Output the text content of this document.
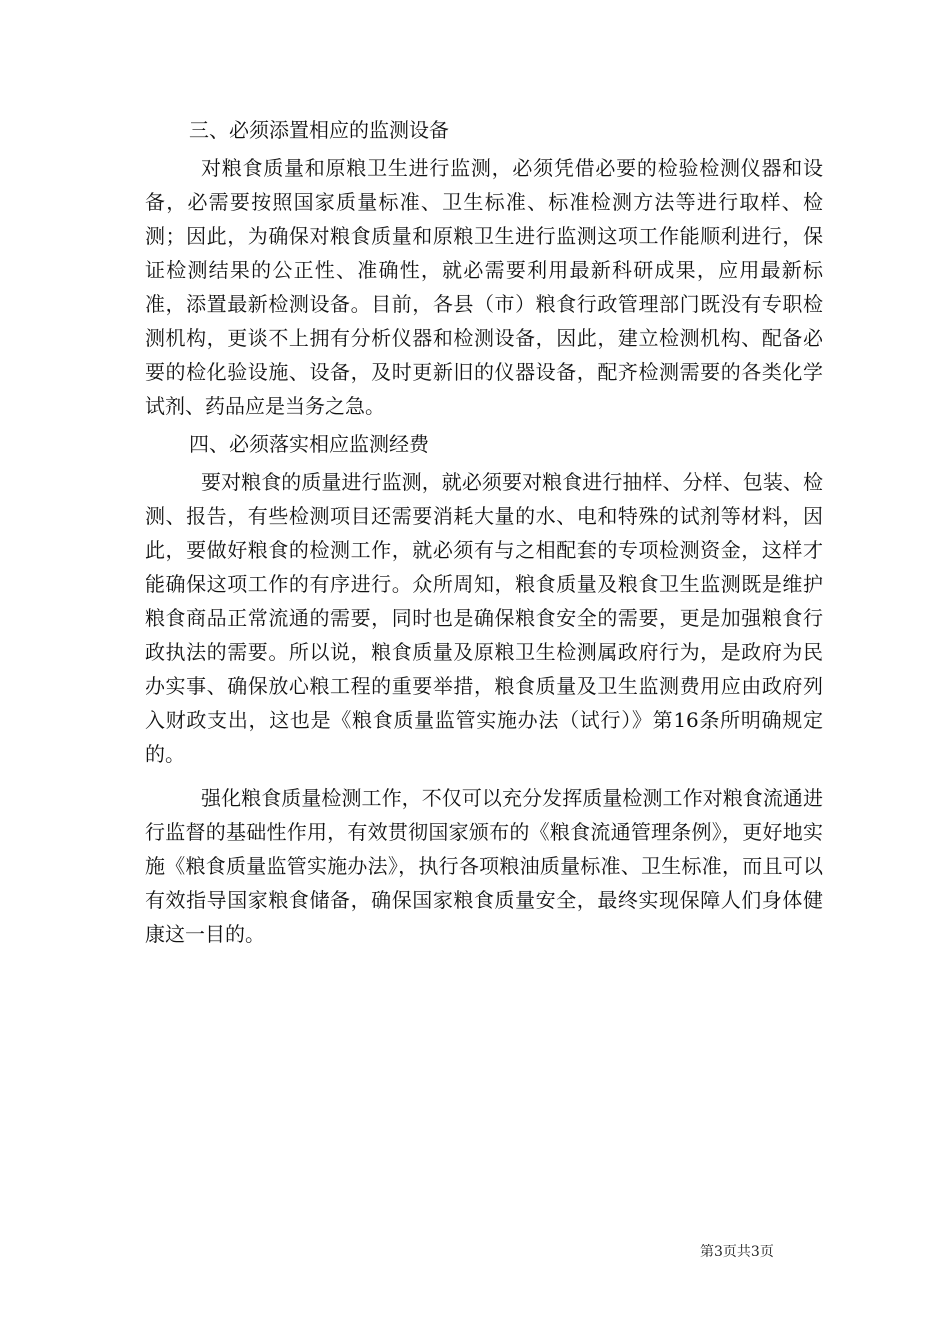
三、必须添置相应的监测设备

对粮食质量和原粮卫生进行监测，必须凭借必要的检验检测仪器和设备，必需要按照国家质量标准、卫生标准、标准检测方法等进行取样、检测；因此，为确保对粮食质量和原粮卫生进行监测这项工作能顺利进行，保证检测结果的公正性、准确性，就必需要利用最新科研成果，应用最新标准，添置最新检测设备。目前，各县（市）粮食行政管理部门既没有专职检测机构，更谈不上拥有分析仪器和检测设备，因此，建立检测机构、配备必要的检化验设施、设备，及时更新旧的仪器设备，配齐检测需要的各类化学试剂、药品应是当务之急。

四、必须落实相应监测经费

要对粮食的质量进行监测，就必须要对粮食进行抽样、分样、包装、检测、报告，有些检测项目还需要消耗大量的水、电和特殊的试剂等材料，因此，要做好粮食的检测工作，就必须有与之相配套的专项检测资金，这样才能确保这项工作的有序进行。众所周知，粮食质量及粮食卫生监测既是维护粮食商品正常流通的需要，同时也是确保粮食安全的需要，更是加强粮食行政执法的需要。所以说，粮食质量及原粮卫生检测属政府行为，是政府为民办实事、确保放心粮工程的重要举措，粮食质量及卫生监测费用应由政府列入财政支出，这也是《粮食质量监管实施办法（试行）》第16条所明确规定的。

强化粮食质量检测工作，不仅可以充分发挥质量检测工作对粮食流通进行监督的基础性作用，有效贯彻国家颁布的《粮食流通管理条例》，更好地实施《粮食质量监管实施办法》，执行各项粮油质量标准、卫生标准，而且可以有效指导国家粮食储备，确保国家粮食质量安全，最终实现保障人们身体健康这一目的。

第3页共3页
